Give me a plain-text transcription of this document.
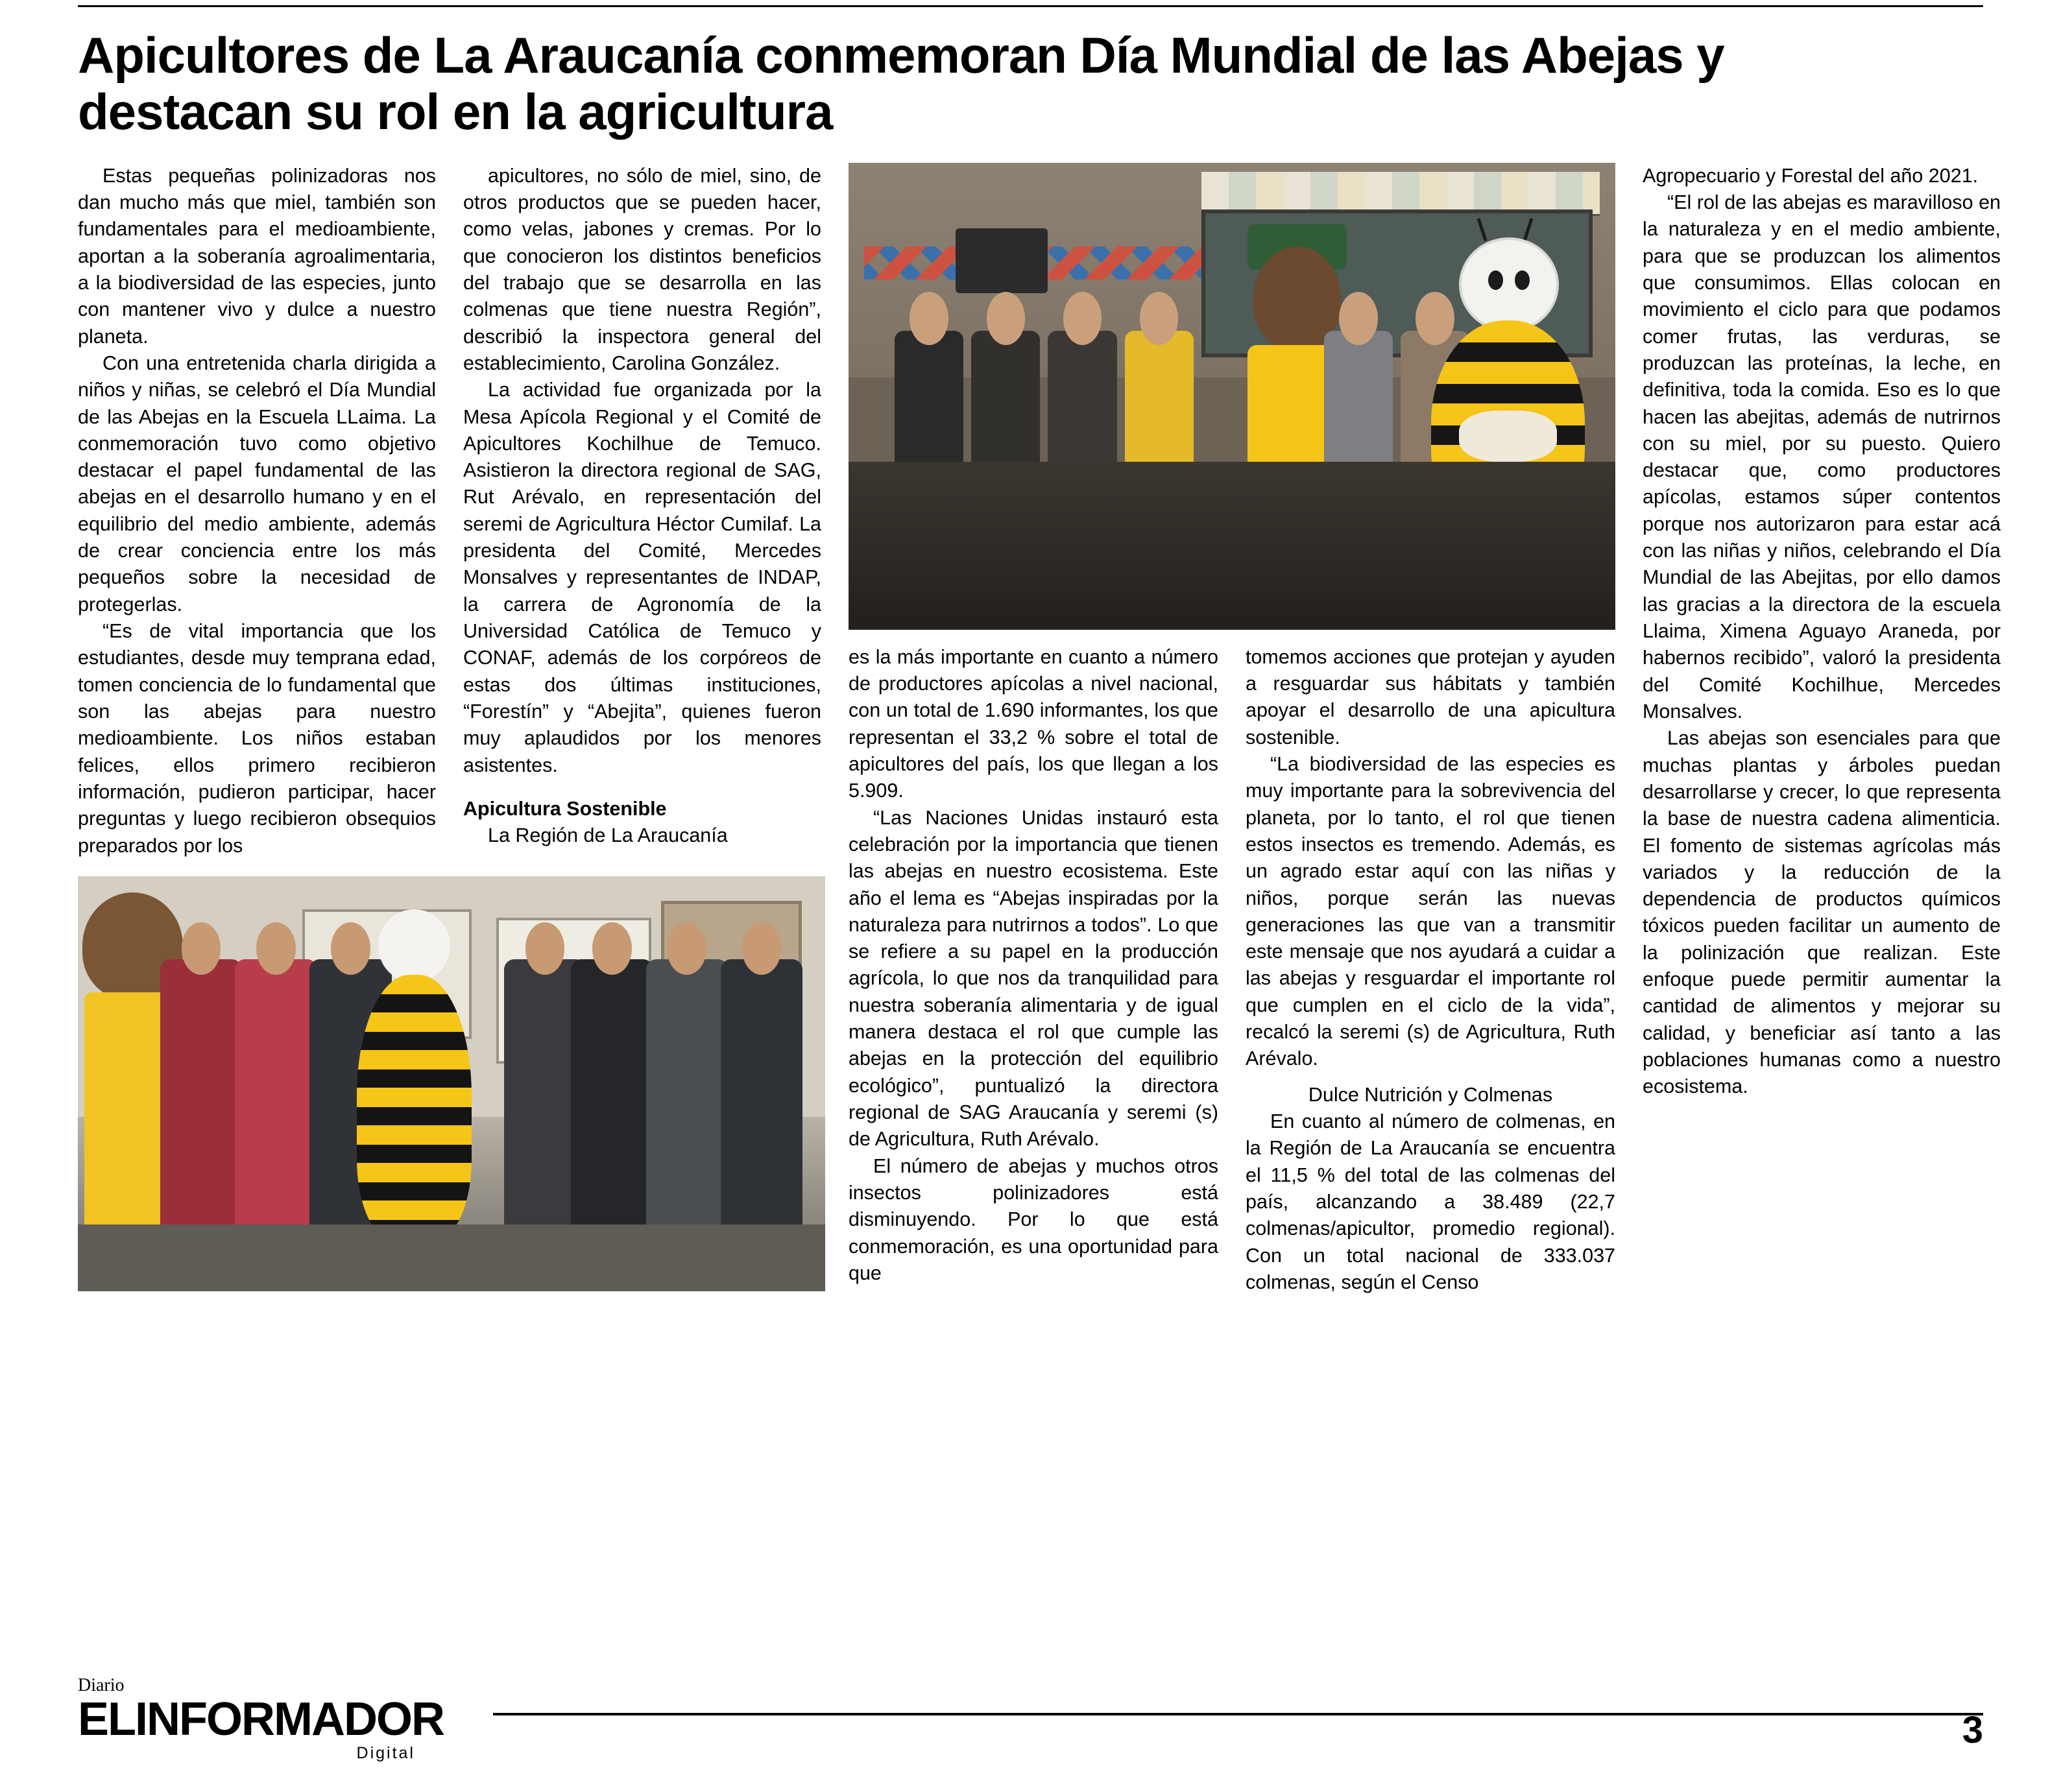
Apicultores de La Araucanía conmemoran Día Mundial de las Abejas y destacan su rol en la agricultura

Estas pequeñas polinizadoras nos dan mucho más que miel, también son fundamentales para el medioambiente, aportan a la soberanía agroalimentaria, a la biodiversidad de las especies, junto con mantener vivo y dulce a nuestro planeta.

Con una entretenida charla dirigida a niños y niñas, se celebró el Día Mundial de las Abejas en la Escuela LLaima. La conmemoración tuvo como objetivo destacar el papel fundamental de las abejas en el desarrollo humano y en el equilibrio del medio ambiente, además de crear conciencia entre los más pequeños sobre la necesidad de protegerlas.

“Es de vital importancia que los estudiantes, desde muy temprana edad, tomen conciencia de lo fundamental que son las abejas para nuestro medioambiente. Los niños estaban felices, ellos primero recibieron información, pudieron participar, hacer preguntas y luego recibieron obsequios preparados por los

apicultores, no sólo de miel, sino, de otros productos que se pueden hacer, como velas, jabones y cremas. Por lo que conocieron los distintos beneficios del trabajo que se desarrolla en las colmenas que tiene nuestra Región”, describió la inspectora general del establecimiento, Carolina González.

La actividad fue organizada por la Mesa Apícola Regional y el Comité de Apicultores Kochilhue de Temuco. Asistieron la directora regional de SAG, Rut Arévalo, en representación del seremi de Agricultura Héctor Cumilaf. La presidenta del Comité, Mercedes Monsalves y representantes de INDAP, la carrera de Agronomía de la Universidad Católica de Temuco y CONAF, además de los corpóreos de estas dos últimas instituciones, “Forestín” y “Abejita”, quienes fueron muy aplaudidos por los menores asistentes.

Apicultura Sostenible

La Región de La Araucanía

es la más importante en cuanto a número de productores apícolas a nivel nacional, con un total de 1.690 informantes, los que representan el 33,2 % sobre el total de apicultores del país, los que llegan a los 5.909.

“Las Naciones Unidas instauró esta celebración por la importancia que tienen las abejas en nuestro ecosistema. Este año el lema es “Abejas inspiradas por la naturaleza para nutrirnos a todos”. Lo que se refiere a su papel en la producción agrícola, lo que nos da tranquilidad para nuestra soberanía alimentaria y de igual manera destaca el rol que cumple las abejas en la protección del equilibrio ecológico”, puntualizó la directora regional de SAG Araucanía y seremi (s) de Agricultura, Ruth Arévalo.

El número de abejas y muchos otros insectos polinizadores está disminuyendo. Por lo que está conmemoración, es una oportunidad para que

tomemos acciones que protejan y ayuden a resguardar sus hábitats y también apoyar el desarrollo de una apicultura sostenible.

“La biodiversidad de las especies es muy importante para la sobrevivencia del planeta, por lo tanto, el rol que tienen estos insectos es tremendo. Además, es un agrado estar aquí con las niñas y niños, porque serán las nuevas generaciones las que van a transmitir este mensaje que nos ayudará a cuidar a las abejas y resguardar el importante rol que cumplen en el ciclo de la vida”, recalcó la seremi (s) de Agricultura, Ruth Arévalo.

Dulce Nutrición y Colmenas

En cuanto al número de colmenas, en la Región de La Araucanía se encuentra el 11,5 % del total de las colmenas del país, alcanzando a 38.489 (22,7 colmenas/apicultor, promedio regional). Con un total nacional de 333.037 colmenas, según el Censo

Agropecuario y Forestal del año 2021.

“El rol de las abejas es maravilloso en la naturaleza y en el medio ambiente, para que se produzcan los alimentos que consumimos. Ellas colocan en movimiento el ciclo para que podamos comer frutas, las verduras, se produzcan las proteínas, la leche, en definitiva, toda la comida. Eso es lo que hacen las abejitas, además de nutrirnos con su miel, por su puesto. Quiero destacar que, como productores apícolas, estamos súper contentos porque nos autorizaron para estar acá con las niñas y niños, celebrando el Día Mundial de las Abejitas, por ello damos las gracias a la directora de la escuela Llaima, Ximena Aguayo Araneda, por habernos recibido”, valoró la presidenta del Comité Kochilhue, Mercedes Monsalves.

Las abejas son esenciales para que muchas plantas y árboles puedan desarrollarse y crecer, lo que representa la base de nuestra cadena alimenticia. El fomento de sistemas agrícolas más variados y la reducción de la dependencia de productos químicos tóxicos pueden facilitar un aumento de la polinización que realizan. Este enfoque puede permitir aumentar la cantidad de alimentos y mejorar su calidad, y beneficiar así tanto a las poblaciones humanas como a nuestro ecosistema.

Diario
ELINFORMADOR
Digital
3
